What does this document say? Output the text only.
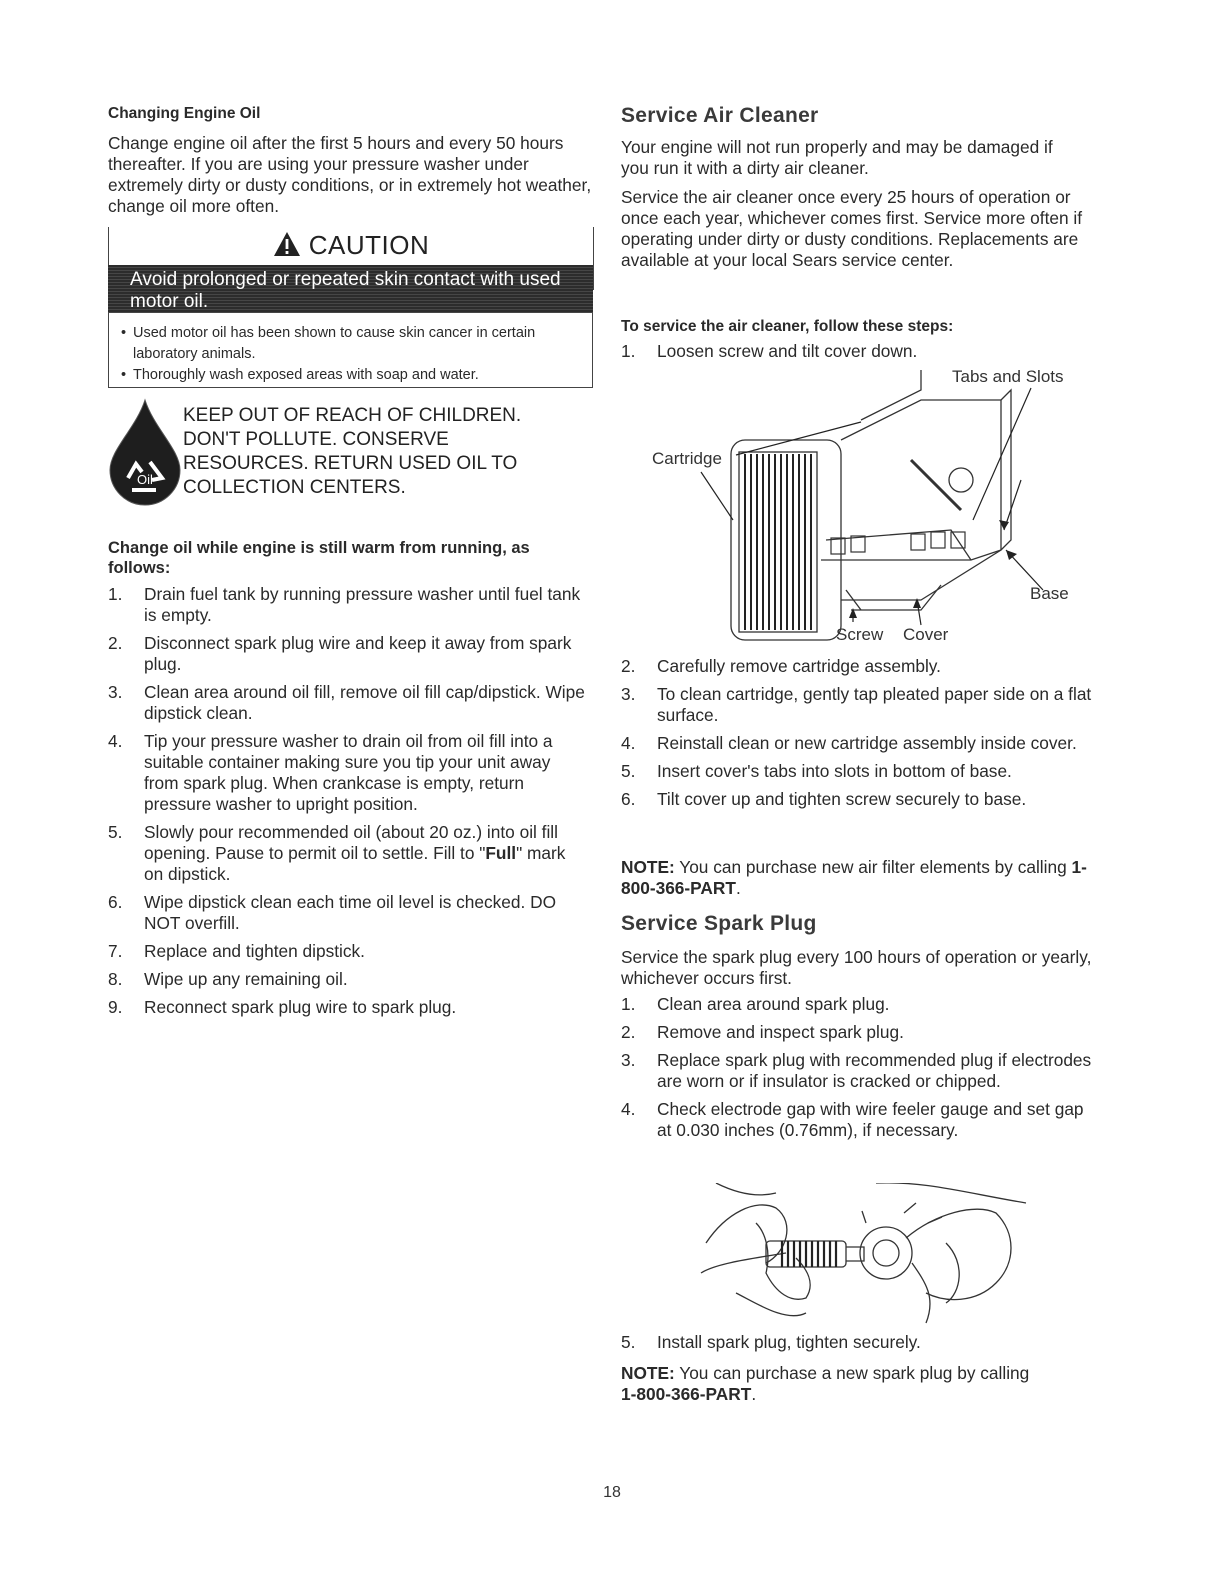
Changing Engine Oil

Change engine oil after the first 5 hours and every 50 hours thereafter. If you are using your pressure washer under extremely dirty or dusty conditions, or in extremely hot weather, change oil more often.

CAUTION
Avoid prolonged or repeated skin contact with used motor oil.
• Used motor oil has been shown to cause skin cancer in certain laboratory animals.
• Thoroughly wash exposed areas with soap and water.
Oil
KEEP OUT OF REACH OF CHILDREN.
DON'T POLLUTE. CONSERVE
RESOURCES. RETURN USED OIL TO
COLLECTION CENTERS.
Change oil while engine is still warm from running, as follows:
1. Drain fuel tank by running pressure washer until fuel tank is empty.
2. Disconnect spark plug wire and keep it away from spark plug.
3. Clean area around oil fill, remove oil fill cap/dipstick. Wipe dipstick clean.
4. Tip your pressure washer to drain oil from oil fill into a suitable container making sure you tip your unit away from spark plug. When crankcase is empty, return pressure washer to upright position.
5. Slowly pour recommended oil (about 20 oz.) into oil fill opening. Pause to permit oil to settle. Fill to "Full" mark on dipstick.
6. Wipe dipstick clean each time oil level is checked. DO NOT overfill.
7. Replace and tighten dipstick.
8. Wipe up any remaining oil.
9. Reconnect spark plug wire to spark plug.
Service Air Cleaner

Your engine will not run properly and may be damaged if you run it with a dirty air cleaner.

Service the air cleaner once every 25 hours of operation or once each year, whichever comes first. Service more often if operating under dirty or dusty conditions. Replacements are available at your local Sears service center.

To service the air cleaner, follow these steps:
1. Loosen screw and tilt cover down.
Tabs and Slots
Cartridge
Base
Screw Cover
2. Carefully remove cartridge assembly.
3. To clean cartridge, gently tap pleated paper side on a flat surface.
4. Reinstall clean or new cartridge assembly inside cover.
5. Insert cover's tabs into slots in bottom of base.
6. Tilt cover up and tighten screw securely to base.

NOTE: You can purchase new air filter elements by calling 1-800-366-PART.

Service Spark Plug

Service the spark plug every 100 hours of operation or yearly, whichever occurs first.

1. Clean area around spark plug.
2. Remove and inspect spark plug.
3. Replace spark plug with recommended plug if electrodes are worn or if insulator is cracked or chipped.
4. Check electrode gap with wire feeler gauge and set gap at 0.030 inches (0.76mm), if necessary.
5. Install spark plug, tighten securely.

NOTE: You can purchase a new spark plug by calling
1-800-366-PART.

18
